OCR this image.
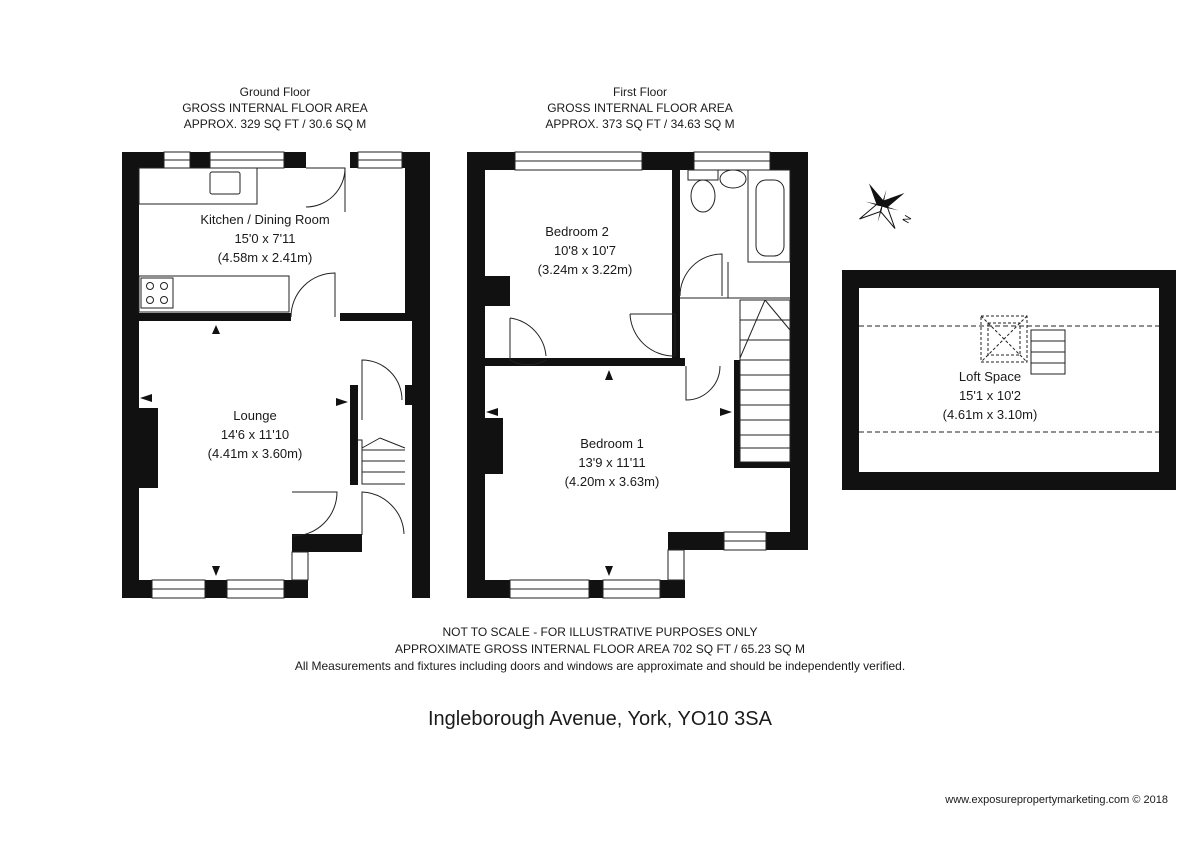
Ground Floor
GROSS INTERNAL FLOOR AREA
APPROX. 329 SQ FT / 30.6 SQ M
First Floor
GROSS INTERNAL FLOOR AREA
APPROX. 373 SQ FT / 34.63 SQ M
Kitchen / Dining Room
15'0 x 7'11
(4.58m x 2.41m)
Lounge
14'6 x 11'10
(4.41m x 3.60m)
Bedroom 2
10'8 x 10'7
(3.24m x 3.22m)
Bedroom 1
13'9 x 11'11
(4.20m x 3.63m)
N
Loft Space
15'1 x 10'2
(4.61m x 3.10m)
NOT TO SCALE - FOR ILLUSTRATIVE PURPOSES ONLY
APPROXIMATE GROSS INTERNAL FLOOR AREA 702 SQ FT / 65.23 SQ M
All Measurements and fixtures including doors and windows are approximate and should be independently verified.
Ingleborough Avenue, York, YO10 3SA
www.exposurepropertymarketing.com © 2018
